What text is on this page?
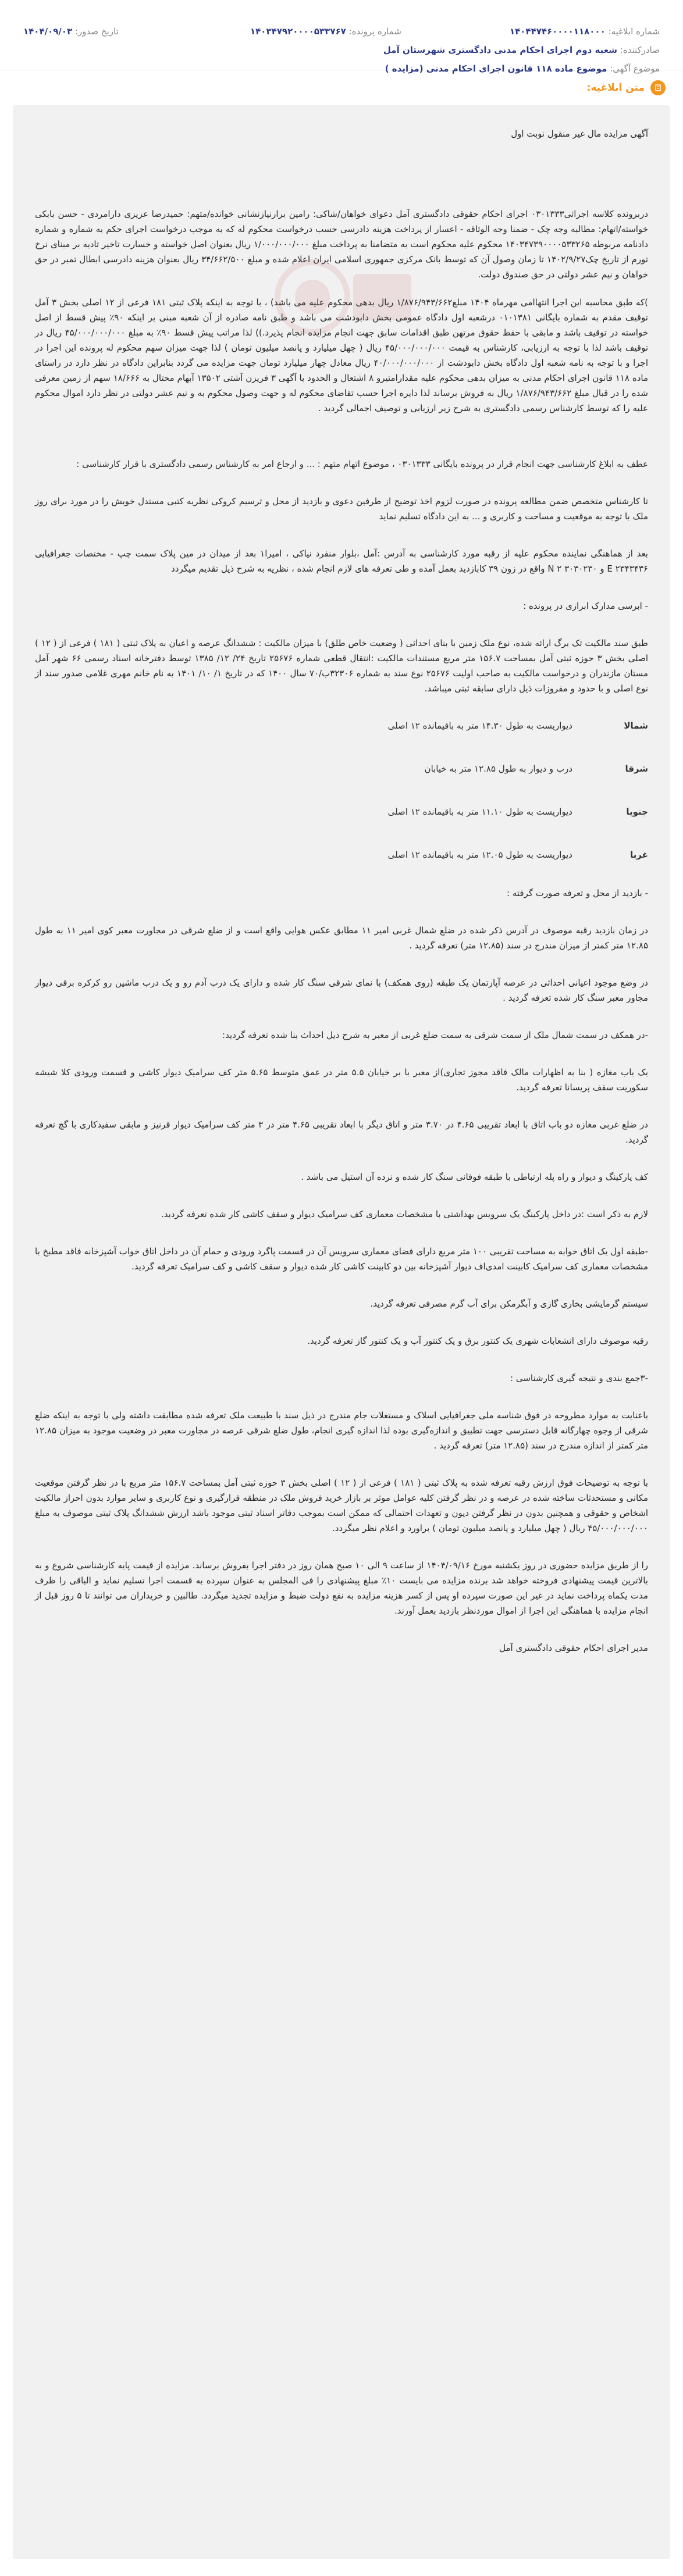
شماره ابلاغیه: ۱۴۰۴۴۷۴۶۰۰۰۰۱۱۸۰۰۰
صادرکننده: شعبه دوم اجرای احکام مدنی دادگستری شهرستان آمل
موضوع آگهی: موضوع ماده ۱۱۸ قانون اجرای احکام مدنی (مزایده )
شماره پرونده: ۱۴۰۳۴۷۹۲۰۰۰۰۵۳۳۷۶۷
تاریخ صدور: ۱۴۰۴/۰۹/۰۳
متن ابلاغیه:

آگهی مزایده مال غیر منقول نوبت اول

دربرونده کلاسه اجرائی۰۳۰۱۳۳۳ اجرای احکام حقوقی دادگستری آمل دعوای خواهان/شاکی: رامین برارنیازنشانی خوانده/متهم: حمیدرضا عزیزی دارامردی - حسن بابکی خواسته/اتهام: مطالبه وجه چک - ضمنا وجه الوثاقه - اعسار از پرداخت هزینه دادرسی حسب درخواست محکوم له که به موجب درخواست اجرای حکم به شماره و شماره دادنامه مربوطه ۱۴۰۳۴۷۳۹۰۰۰۰۵۳۳۲۶۵ محکوم علیه محکوم است به متضامنا به پرداخت مبلغ ۱/۰۰۰/۰۰۰/۰۰۰ ریال بعنوان اصل خواسته و خسارت تاخیر تادیه بر مبنای نرخ تورم از تاریخ چک۱۴۰۲/۹/۲۷ تا زمان وصول آن که توسط بانک مرکزی جمهوری اسلامی ایران اعلام شده و مبلغ ۳۴/۶۶۲/۵۰۰ ریال بعنوان هزینه دادرسی ابطال تمبر در حق خواهان و نیم عشر دولتی در حق صندوق دولت.

)که طبق محاسبه این اجرا انتهاامی مهرماه ۱۴۰۴ مبلغ۱/۸۷۶/۹۴۳/۶۶۲ ریال بدهی محکوم علیه می باشد) ، با توجه به اینکه پلاک ثبتی ۱۸۱ فرعی از ۱۲ اصلی بخش ۳ آمل توقیف مقدم به شماره بایگانی ۰۱۰۱۳۸۱ درشعبه اول دادگاه عمومی بخش دابودشت می باشد و طبق نامه صادره از آن شعبه مبنی بر اینکه ۹۰٪ پیش قسط از اصل خواسته در توقیف باشد و مابقی با حفظ حقوق مرتهن طبق اقدامات سابق جهت انجام مزایده انجام پذیرد.)) لذا مراتب پیش قسط ۹۰٪ به مبلغ ۴۵/۰۰۰/۰۰۰/۰۰۰ ریال در توقیف باشد لذا با توجه به ارزیابی، کارشناس به قیمت ۴۵/۰۰۰/۰۰۰/۰۰۰ ریال ( چهل میلیارد و پانصد میلیون تومان ) لذا جهت میزان سهم محکوم له پرونده این اجرا در اجرا و با توجه به نامه شعبه اول دادگاه بخش دابودشت از ۴۰/۰۰۰/۰۰۰/۰۰۰ ریال معادل چهار میلیارد تومان جهت مزایده می گردد بنابراین دادگاه در نظر دارد در راستای ماده ۱۱۸ قانون اجرای احکام مدنی به میزان بدهی محکوم علیه مقدارامتیرو ۸ اشتعال و الحدود با آگهی ۳ فریزن آشتی ۱۳۵۰۲ آبهام محتال به ۱۸/۶۶۶ سهم از زمین معرفی شده را در قبال مبلغ ۱/۸۷۶/۹۴۳/۶۶۲ ریال به فروش برساند لذا دایره اجرا حسب تقاضای محکوم له و جهت وصول محکوم به و نیم عشر دولتی در نظر دارد اموال محکوم علیه را که توسط کارشناس رسمی دادگستری به شرح زیر ارزیابی و توصیف اجمالی گردید .

عطف به ابلاغ کارشناسی جهت انجام قرار در پرونده بایگانی ۰۳۰۱۳۳۳ ، موضوع اتهام متهم : ... و ارجاع امر به کارشناس رسمی دادگستری با قرار کارشناسی :

تا کارشناس متخصص ضمن مطالعه پرونده در صورت لزوم اخذ توضیح از طرفین دعوی و بازدید از محل و ترسیم کروکی نظریه کتبی مستدل خویش را در مورد برای روز ملک با توجه به موقعیت و مساحت و کاربری و ... به این دادگاه تسلیم نماید

بعد از هماهنگی نماینده محکوم علیه از رقبه مورد کارشناسی به آدرس :آمل ،بلوار منفرد نیاکی ، امیرا۱ بعد از میدان در مین پلاک سمت چپ - مختصات جغرافیایی ۲۳۴۳۴۳۶ E و ۳۰۳۰۲۳۰ N ۲ واقع در زون ۳۹ کابازدید بعمل آمده و طی تعرفه های لازم انجام شده ، نظریه به شرح ذیل تقدیم میگردد

- ابرسی مدارک ابرازی در پرونده :

طبق سند مالکیت تک برگ ارائه شده، نوع ملک زمین با بنای احداثی ( وضعیت خاص طلق) با میزان مالکیت : ششدانگ عرصه و اعیان به پلاک ثبتی ( ۱۸۱ ) فرعی از ( ۱۲ ) اصلی بخش ۳ حوزه ثبتی آمل بمساحت ۱۵۶.۷ متر مربع مستندات مالکیت :انتقال قطعی شماره ۲۵۶۷۶ تاریخ ۲۴/ ۱۲/ ۱۳۸۵ توسط دفترخانه اسناد رسمی ۶۶ شهر آمل مستان مازندران و درخواست مالکیت به صاحب اولیت ۲۵۶۷۶ نوع سند به شماره ۳۲۳۰۶ب/۷۰ سال ۱۴۰۰ که در تاریخ ۱/ ۱۰/ ۱۴۰۱ به نام خانم مهری غلامی صدور سند از نوع اصلی و با حدود و مفروزات ذیل دارای سابقه ثبتی میباشد.

شمالا
دیواریست به طول ۱۴.۳۰ متر به باقیمانده ۱۲ اصلی
شرقا
درب و دیوار به طول ۱۲.۸۵ متر به خیابان
جنوبا
دیواریست به طول ۱۱.۱۰ متر به باقیمانده ۱۲ اصلی
غربا
دیواریست به طول ۱۲.۰۵ متر به باقیمانده ۱۲ اصلی

- بازدید از محل و تعرفه صورت گرفته :

در زمان بازدید رقبه موصوف در آدرس ذکر شده در ضلع شمال غربی امیر ۱۱ مطابق عکس هوایی واقع است و از ضلع شرقی در مجاورت معبر کوی امیر ۱۱ به طول ۱۲.۸۵ متر کمتر از میزان مندرج در سند (۱۲.۸۵ متر) تعرفه گردید .

در وضع موجود اعیانی احداثی در عرصه آپارتمان یک طبقه (روی همکف) با نمای شرقی سنگ کار شده و دارای یک درب آدم رو و یک درب ماشین رو کرکره برقی دیوار مجاور معبر سنگ کار شده تعرفه گردید .

-در همکف در سمت شمال ملک از سمت شرقی به سمت ضلع غربی از معبر به شرح ذیل احداث بنا شده تعرفه گردید:

یک باب مغازه ( بنا به اظهارات مالک فاقد مجوز تجاری)از معبر با بر خیابان ۵.۵ متر در عمق متوسط ۵.۶۵ متر کف سرامیک دیوار کاشی و قسمت ورودی کلا شیشه سکوریت سقف پریسانا تعرفه گردید.

در ضلع غربی مغازه دو باب اتاق با ابعاد تقریبی ۴.۶۵ در ۳.۷۰ متر و اتاق دیگر با ابعاد تقریبی ۴.۶۵ متر در ۳ متر کف سرامیک دیوار قرنیز و مابقی سفیدکاری با گچ تعرفه گردید.

کف پارکینگ و دیوار و راه پله ارتباطی با طبقه فوقانی سنگ کار شده و نرده آن استیل می باشد .

لازم به ذکر است :در داخل پارکینگ یک سرویس بهداشتی با مشخصات معماری کف سرامیک دیوار و سقف کاشی کار شده تعرفه گردید.

-طبقه اول یک اتاق خوابه به مساحت تقریبی ۱۰۰ متر مربع دارای فضای معماری سرویس آن در قسمت پاگرد ورودی و حمام آن در داخل اتاق خواب آشپزخانه فاقد مطبخ با مشخصات معماری کف سرامیک کابینت امدی‌اف دیوار آشپزخانه بین دو کابینت کاشی کار شده دیوار و سقف کاشی و کف سرامیک تعرفه گردید.

سیستم گرمایشی بخاری گازی و آبگرمکن برای آب گرم مصرفی تعرفه گردید.

رقبه موصوف دارای انشعابات شهری یک کنتور برق و یک کنتور آب و یک کنتور گاز تعرفه گردید.

-۳جمع بندی و نتیجه گیری کارشناسی :

باعنایت به موارد مطروحه در فوق شناسه ملی جغرافیایی اسلاک و مستغلات جام مندرج در ذیل سند با طبیعت ملک تعرفه شده مطابقت داشته ولی با توجه به اینکه ضلع شرقی از وجوه چهارگانه قابل دسترسی جهت تطبیق و اندازه‌گیری بوده لذا اندازه گیری انجام، طول ضلع شرقی عرصه در مجاورت معبر در وضعیت موجود به میزان ۱۲.۸۵ متر کمتر از اندازه مندرج در سند (۱۲.۸۵ متر) تعرفه گردید .

با توجه به توضیحات فوق ارزش رقبه تعرفه شده به پلاک ثبتی ( ۱۸۱ ) فرعی از ( ۱۲ ) اصلی بخش ۳ حوزه ثبتی آمل بمساحت ۱۵۶.۷ متر مربع با در نظر گرفتن موقعیت مکانی و مستحدثات ساخته شده در عرصه و در نظر گرفتن کلیه عوامل موثر بر بازار خرید فروش ملک در منطقه قرارگیری و نوع کاربری و سایر موارد بدون احراز مالکیت اشخاص و حقوقی و همچنین بدون در نظر گرفتن دیون و تعهدات احتمالی که ممکن است بموجب دفاتر اسناد ثبتی موجود باشد ارزش ششدانگ پلاک ثبتی موصوف به مبلغ ۴۵/۰۰۰/۰۰۰/۰۰۰ ریال ( چهل میلیارد و پانصد میلیون تومان ) براورد و اعلام نظر میگردد.

را از طریق مزایده حضوری در روز یکشنبه مورخ ۱۴۰۴/۰۹/۱۶ از ساعت ۹ الی ۱۰ صبح همان روز در دفتر اجرا بفروش برساند. مزایده از قیمت پایه کارشناسی شروع و به بالاترین قیمت پیشنهادی فروخته خواهد شد برنده مزایده می بایست ۱۰٪ مبلغ پیشنهادی را فی المجلس به عنوان سپرده به قسمت اجرا تسلیم نماید و الباقی را ظرف مدت یکماه پرداخت نماید در غیر این صورت سپرده او پس از کسر هزینه مزایده به نفع دولت ضبط و مزایده تجدید میگردد. طالبین و خریداران می توانند تا ۵ روز قبل از انجام مزایده با هماهنگی این اجرا از اموال موردنظر بازدید بعمل آورند.

مدیر اجرای احکام حقوقی دادگستری آمل
